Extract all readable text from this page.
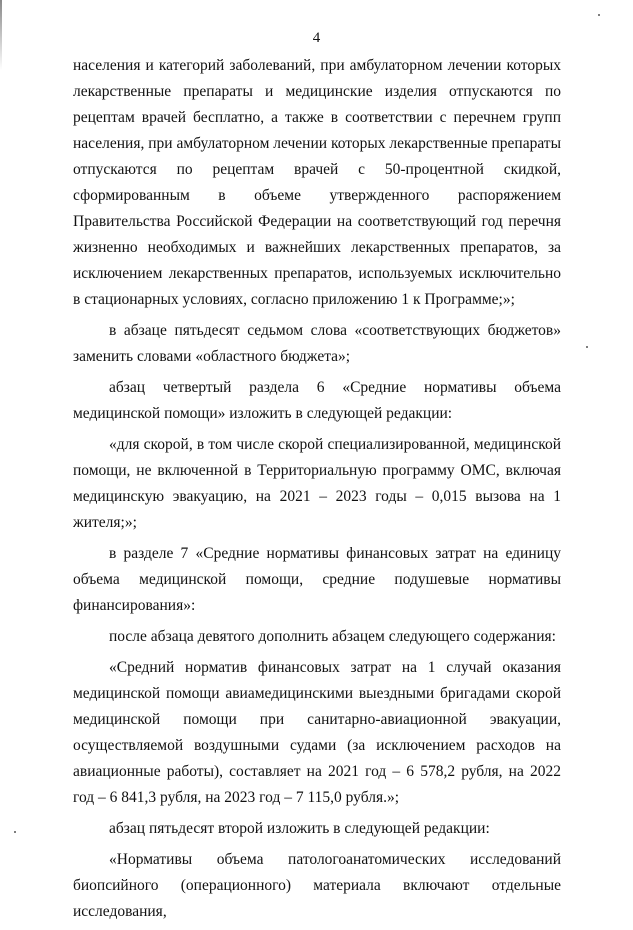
4

населения и категорий заболеваний, при амбулаторном лечении которых лекарственные препараты и медицинские изделия отпускаются по рецептам врачей бесплатно, а также в соответствии с перечнем групп населения, при амбулаторном лечении которых лекарственные препараты отпускаются по рецептам врачей с 50-процентной скидкой, сформированным в объеме утвержденного распоряжением Правительства Российской Федерации на соответствующий год перечня жизненно необходимых и важнейших лекарственных препаратов, за исключением лекарственных препаратов, используемых исключительно в стационарных условиях, согласно приложению 1 к Программе;»;

в абзаце пятьдесят седьмом слова «соответствующих бюджетов» заменить словами «областного бюджета»;

абзац четвертый раздела 6 «Средние нормативы объема медицинской помощи» изложить в следующей редакции:

«для скорой, в том числе скорой специализированной, медицинской помощи, не включенной в Территориальную программу ОМС, включая медицинскую эвакуацию, на 2021 – 2023 годы – 0,015 вызова на 1 жителя;»;

в разделе 7 «Средние нормативы финансовых затрат на единицу объема медицинской помощи, средние подушевые нормативы финансирования»:

после абзаца девятого дополнить абзацем следующего содержания:

«Средний норматив финансовых затрат на 1 случай оказания медицинской помощи авиамедицинскими выездными бригадами скорой медицинской помощи при санитарно-авиационной эвакуации, осуществляемой воздушными судами (за исключением расходов на авиационные работы), составляет на 2021 год – 6 578,2 рубля, на 2022 год – 6 841,3 рубля, на 2023 год – 7 115,0 рубля.»;

абзац пятьдесят второй изложить в следующей редакции:

«Нормативы объема патологоанатомических исследований биопсийного (операционного) материала включают отдельные исследования,
